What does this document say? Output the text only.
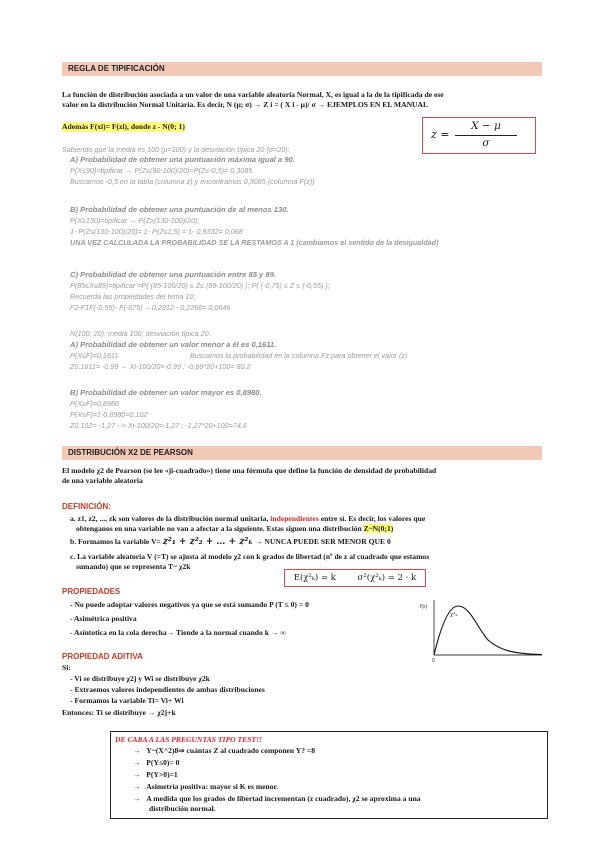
REGLA DE TIPIFICACIÓN
La función de distribución asociada a un valor de una variable aleatoria Normal, X, es igual a la de la tipificada de ese
valor en la distribución Normal Unitaria. Es decir, N (μ; σ) → Z i = ( X i - μ)/ σ → EJEMPLOS EN EL MANUAL
Además F(xi)= F(zi), donde z - N(0; 1)
z =
X − μ
σ
Sabiendo que la media es 100 (μ=100) y la desviación típica 20 (σ=20):
A) Probabilidad de obtener una puntuación máxima igual a 90.
P(X≤90)=tipificar → P(Z≤(90-100)/20)=P(Z≤-0,5)= 0,3085
Buscamos -0,5 en la tabla (columna z) y encontramos 0,3085 (columna F(z))
B) Probabilidad de obtener una puntuación de al menos 130.
P(X≥130)=tipificar → P(Z≥(130-100)/20);
1- P(Z≤(130-100)/20)= 1- P(Z≤1,5) = 1- 0,9332= 0,068
UNA VEZ CALCULADA LA PROBABILIDAD SE LA RESTAMOS A 1 (cambiamos el sentido de la desigualdad)
C) Probabilidad de obtener una puntuación entre 85 y 89.
P(85≤X≤89)=tipificar =P( (85-100/20) ≤ Z≤ (89-100/20) ); P( (-0,75) ≤ Z ≤ (-0,55) );
Recuerda las propiedades del tema 10;
F2-F1F(-0,55)- F(-075) →0,2912 - 0,2266= 0,0646
N(100; 20): media 100, desviación típica 20.
A) Probabilidad de obtener un valor menor a él es 0,1611.
P(X≤F)=0,1611	Buscamos la probabilidad en la columna Fz para obtener el valor (z)
Z0.1611= -0,99 → Xi-100/20=-0,99 ; -0,99*20+100= 80,2
B) Probabilidad de obtener un valor mayor es 0,8980.
P(X≥F)=0,8980
P(X≤F)=1-0,8980=0,102
Z0.102= -1,27 --> Xi-100/20=-1,27 ; -1,27*20+100=74,6
DISTRIBUCIÓN X2 DE PEARSON
El modelo χ2 de Pearson (se lee «ji-cuadrado») tiene una fórmula que define la función de densidad de probabilidad
de una variable aleatoria
DEFINICIÓN:
a. z1, z2, ..., zk son valores de la distribución normal unitaria, independientes entre sí. Es decir, los valores que
obtenganos en una variable no van a afectar a la siguiente. Estas siguen una distribución Z~N(0;1)
b. Formamos la variable V= z²₁ + z²₂ + … + z²ₖ → NUNCA PUEDE SER MENOR QUE 0
c. La variable aleatoria V (=T) se ajusta al modelo χ2 con k grados de libertad (nº de z al cuadrado que estamos
sumando) que se representa T~ χ2k
E(χ²ₖ) = k        σ²(χ²ₖ) = 2 · k
PROPIEDADES
- No puede adoptar valores negativos ya que se está sumando P (T ≤ 0) = 0
- Asimétrica positiva
- Asíntotica en la cola derecha→ Tiende a la normal cuando k → ∞
f(x)
χ²ₖ
0
PROPIEDAD ADITIVA
Si:
- Vi se distribuye χ2j y Wi se distribuye χ2k
- Extraemos valores independientes de ambas distribuciones
- Formamos la variable Ti= Vi+ Wi
Entonces: Ti se distribuye → χ2j+k
DE CARA A LAS PREGUNTAS TIPO TEST!!
→   Y~(X^2)8⇒ cuántas Z al cuadrado componen Y? =8
→   P(Y≤0)= 0
→   P(Y>0)=1
→   Asimetría positiva: mayor si K es menor.
→   A medida que los grados de libertad incrementan (z cuadrado), χ2 se aproxima a una
distribución normal.
